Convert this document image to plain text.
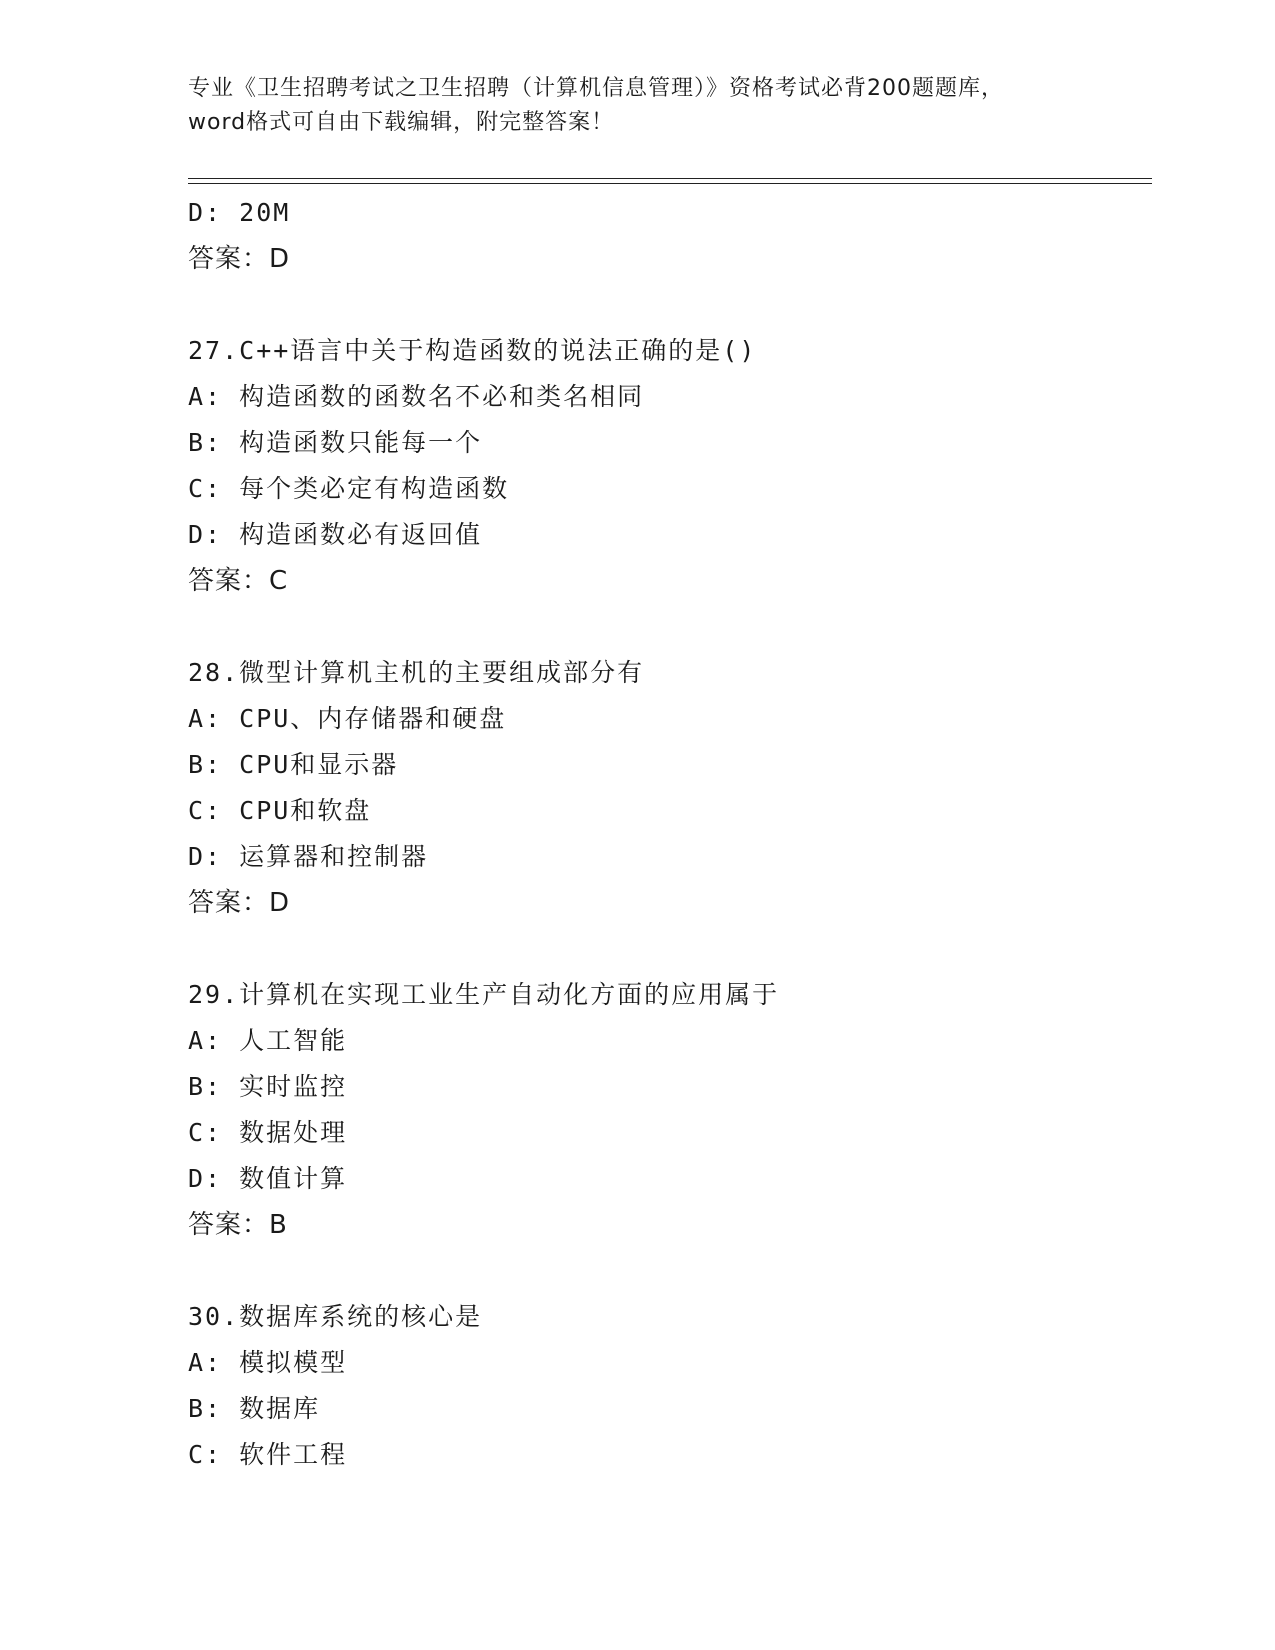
专业《卫生招聘考试之卫生招聘（计算机信息管理）》资格考试必背200题题库，
word格式可自由下载编辑，附完整答案！
D: 20M
答案：D
27.C++语言中关于构造函数的说法正确的是()
A: 构造函数的函数名不必和类名相同
B: 构造函数只能每一个
C: 每个类必定有构造函数
D: 构造函数必有返回值
答案：C
28.微型计算机主机的主要组成部分有
A: CPU、内存储器和硬盘
B: CPU和显示器
C: CPU和软盘
D: 运算器和控制器
答案：D
29.计算机在实现工业生产自动化方面的应用属于
A: 人工智能
B: 实时监控
C: 数据处理
D: 数值计算
答案：B
30.数据库系统的核心是
A: 模拟模型
B: 数据库
C: 软件工程
